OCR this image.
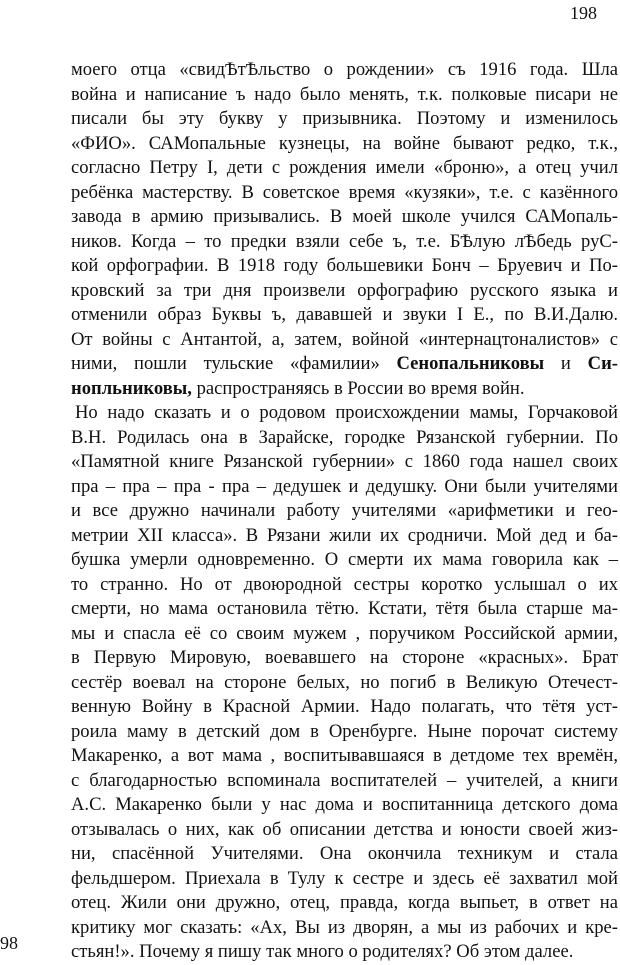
198
моего отца «свидѢтѢльство о рождении» съ 1916 года. Шла
война и написание ъ надо было менять, т.к. полковые писари не
писали бы эту букву у призывника. Поэтому и изменилось
«ФИО». САМопальные кузнецы, на войне бывают редко, т.к.,
согласно Петру I, дети с рождения имели «броню», а отец учил
ребёнка мастерству. В советское время «кузяки», т.е. с казённого
завода в армию призывались. В моей школе учился САМопаль-
ников. Когда – то предки взяли себе ъ, т.е. БѢлую лѢбедь руС-
кой орфографии. В 1918 году большевики Бонч – Бруевич и По-
кровский за три дня произвели орфографию русского языка и
отменили образ Буквы ъ, дававшей и звуки I Е., по В.И.Далю.
От войны с Антантой, а, затем, войной «интернацтоналистов» с
ними, пошли тульские «фамилии» Сенопальниковы и Си-
нопльниковы, распространяясь в России во время войн.
Но надо сказать и о родовом происхождении мамы, Горчаковой
В.Н. Родилась она в Зарайске, городке Рязанской губернии. По
«Памятной книге Рязанской губернии» с 1860 года нашел своих
пра – пра – пра - пра – дедушек и дедушку. Они были учителями
и все дружно начинали работу учителями «арифметики и гео-
метрии XII класса». В Рязани жили их сродничи. Мой дед и ба-
бушка умерли одновременно. О смерти их мама говорила как –
то странно. Но от двоюродной сестры коротко услышал о их
смерти, но мама остановила тётю. Кстати, тётя была старше ма-
мы и спасла её со своим мужем , поручиком Российской армии,
в Первую Мировую, воевавшего на стороне «красных». Брат
сестёр воевал на стороне белых, но погиб в Великую Отечест-
венную Войну в Красной Армии. Надо полагать, что тётя уст-
роила маму в детский дом в Оренбурге. Ныне порочат систему
Макаренко, а вот мама , воспитывавшаяся в детдоме тех времён,
с благодарностью вспоминала воспитателей – учителей, а книги
А.С. Макаренко были у нас дома и воспитанница детского дома
отзывалась о них, как об описании детства и юности своей жиз-
ни, спасённой Учителями. Она окончила техникум и стала
фельдшером. Приехала в Тулу к сестре и здесь её захватил мой
отец. Жили они дружно, отец, правда, когда выпьет, в ответ на
критику мог сказать: «Ах, Вы из дворян, а мы из рабочих и кре-
стьян!». Почему я пишу так много о родителях? Об этом далее.
98
